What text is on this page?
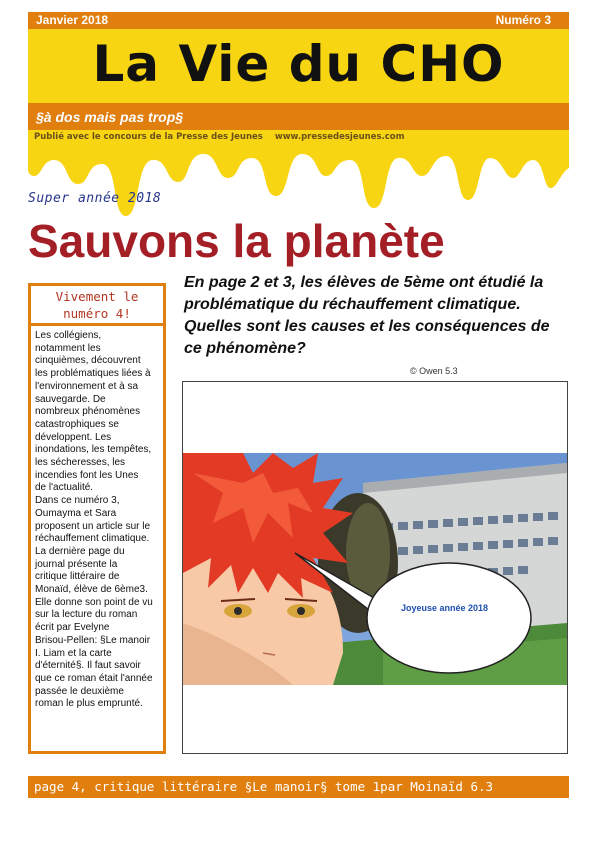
Janvier 2018	Numéro 3
La Vie du CHO
§à dos mais pas trop§
Publié avec le concours de la Presse des Jeunes www.pressedesjeunes.com
Super année 2018
Sauvons la planète
Vivement le
numéro 4!
Les collégiens,
notamment les
cinquièmes, découvrent
les problématiques liées à
l'environnement et à sa
sauvegarde. De
nombreux phénomènes
catastrophiques se
développent. Les
inondations, les tempêtes,
les sécheresses, les
incendies font les Unes
de l'actualité.
Dans ce numéro 3,
Oumayma et Sara
proposent un article sur le
réchauffement climatique.
La dernière page du
journal présente la
critique littéraire de
Monaïd, élève de 6ème3.
Elle donne son point de vu
sur la lecture du roman
écrit par Evelyne
Brisou-Pellen: §Le manoir
I. Liam et la carte
d'éternité§. Il faut savoir
que ce roman était l'année
passée le deuxième
roman le plus emprunté.
En page 2 et 3, les élèves de 5ème ont étudié la problématique du réchauffement climatique. Quelles sont les causes et les conséquences de ce phénomène?
© Owen 5.3
Joyeuse année 2018
page 4, critique littéraire §Le manoir§ tome 1par Moinaïd 6.3
